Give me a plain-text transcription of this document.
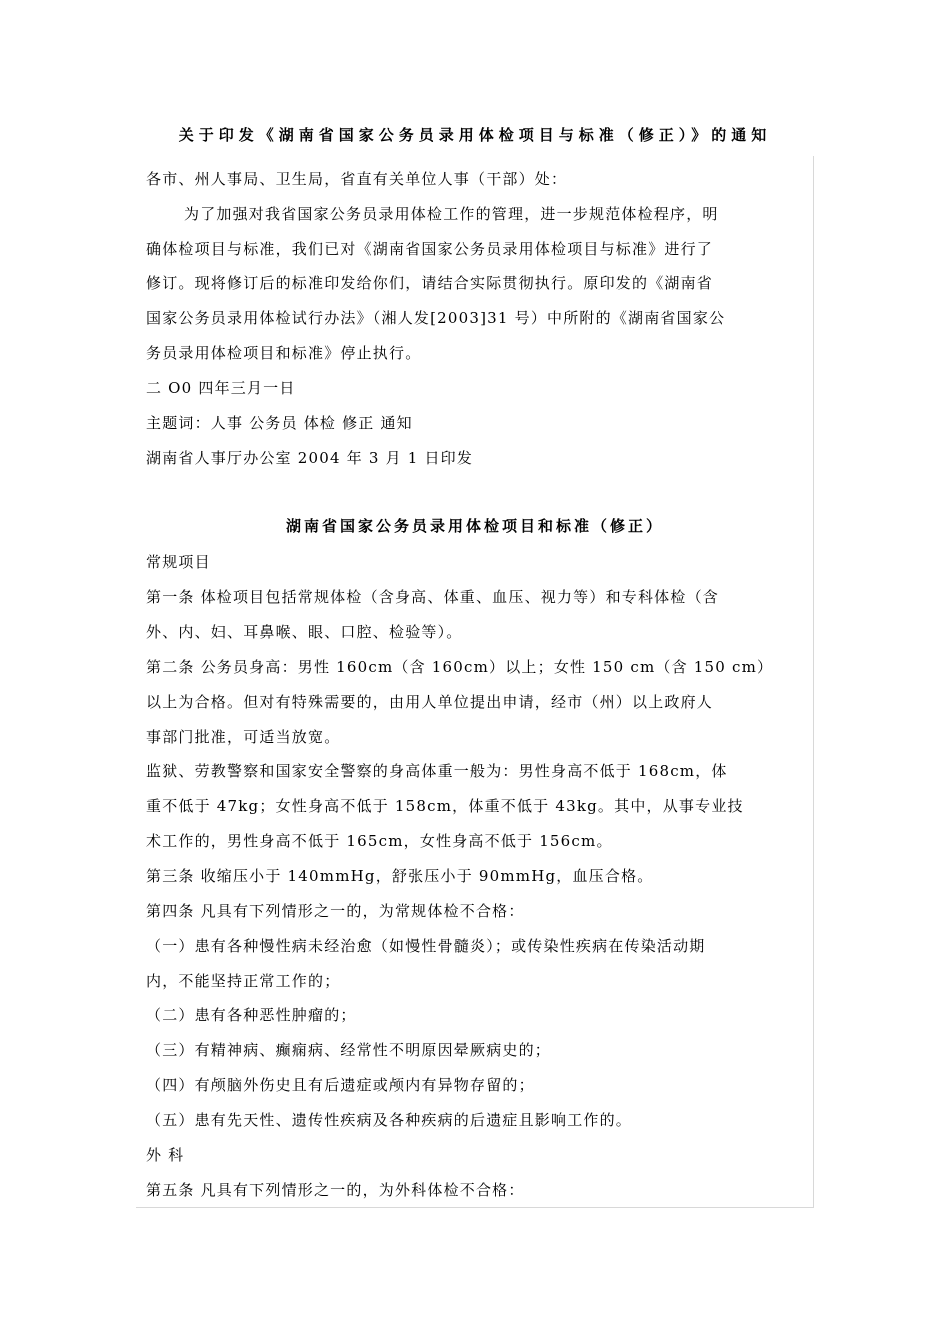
关于印发《湖南省国家公务员录用体检项目与标准（修正）》的通知
各市、州人事局、卫生局，省直有关单位人事（干部）处：
为了加强对我省国家公务员录用体检工作的管理，进一步规范体检程序，明
确体检项目与标准，我们已对《湖南省国家公务员录用体检项目与标准》进行了
修订。现将修订后的标准印发给你们，请结合实际贯彻执行。原印发的《湖南省
国家公务员录用体检试行办法》（湘人发[2003]31 号）中所附的《湖南省国家公
务员录用体检项目和标准》停止执行。
二 O0 四年三月一日
主题词：人事 公务员 体检 修正 通知
湖南省人事厅办公室 2004 年 3 月 1 日印发
湖南省国家公务员录用体检项目和标准（修正）
常规项目
第一条 体检项目包括常规体检（含身高、体重、血压、视力等）和专科体检（含
外、内、妇、耳鼻喉、眼、口腔、检验等）。
第二条 公务员身高：男性 160cm（含 160cm）以上；女性 150 cm（含 150 cm）
以上为合格。但对有特殊需要的，由用人单位提出申请，经市（州）以上政府人
事部门批准，可适当放宽。
监狱、劳教警察和国家安全警察的身高体重一般为：男性身高不低于 168cm，体
重不低于 47kg；女性身高不低于 158cm，体重不低于 43kg。其中，从事专业技
术工作的，男性身高不低于 165cm，女性身高不低于 156cm。
第三条 收缩压小于 140mmHg，舒张压小于 90mmHg，血压合格。
第四条 凡具有下列情形之一的，为常规体检不合格：
（一）患有各种慢性病未经治愈（如慢性骨髓炎）；或传染性疾病在传染活动期
内，不能坚持正常工作的；
（二）患有各种恶性肿瘤的；
（三）有精神病、癫痫病、经常性不明原因晕厥病史的；
（四）有颅脑外伤史且有后遗症或颅内有异物存留的；
（五）患有先天性、遗传性疾病及各种疾病的后遗症且影响工作的。
外 科
第五条 凡具有下列情形之一的，为外科体检不合格：
